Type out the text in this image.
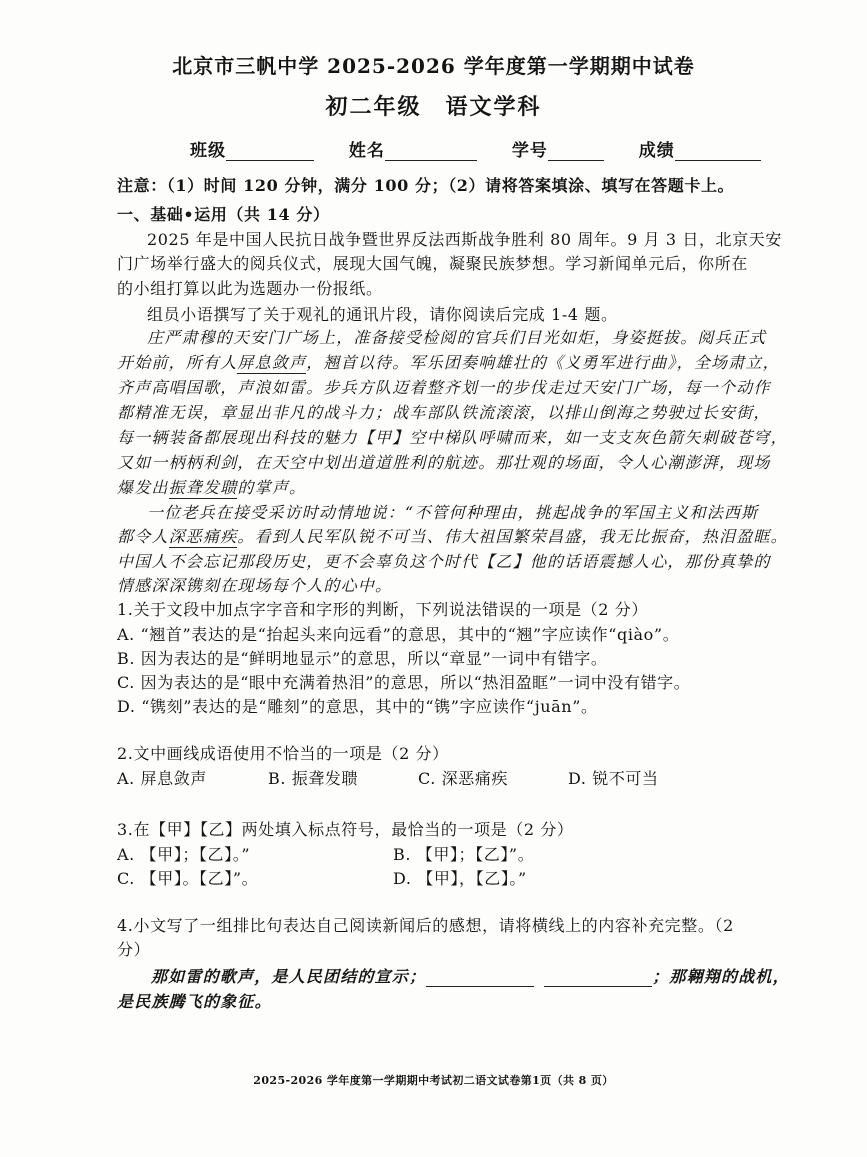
北京市三帆中学 2025-2026 学年度第一学期期中试卷
初二年级　语文学科
班级	姓名	学号	成绩
注意：（1）时间 120 分钟，满分 100 分；（2）请将答案填涂、填写在答题卡上。
一、基础•运用（共 14 分）
2025 年是中国人民抗日战争暨世界反法西斯战争胜利 80 周年。9 月 3 日，北京天安
门广场举行盛大的阅兵仪式，展现大国气魄，凝聚民族梦想。学习新闻单元后，你所在
的小组打算以此为选题办一份报纸。
组员小语撰写了关于观礼的通讯片段，请你阅读后完成 1-4 题。
庄严肃穆的天安门广场上，准备接受检阅的官兵们目光如炬，身姿挺拔。阅兵正式
开始前，所有人屏息敛声，翘首以待。军乐团奏响雄壮的《义勇军进行曲》，全场肃立，
齐声高唱国歌，声浪如雷。步兵方队迈着整齐划一的步伐走过天安门广场，每一个动作
都精准无误，章显出非凡的战斗力；战车部队铁流滚滚，以排山倒海之势驶过长安街，
每一辆装备都展现出科技的魅力【甲】空中梯队呼啸而来，如一支支灰色箭矢刺破苍穹，
又如一柄柄利剑，在天空中划出道道胜利的航迹。那壮观的场面，令人心潮澎湃，现场
爆发出振聋发聩的掌声。
一位老兵在接受采访时动情地说：“不管何种理由，挑起战争的军国主义和法西斯
都令人深恶痛疾。看到人民军队锐不可当、伟大祖国繁荣昌盛，我无比振奋，热泪盈眶。
中国人不会忘记那段历史，更不会辜负这个时代【乙】他的话语震撼人心，那份真挚的
情感深深镌刻在现场每个人的心中。
1.关于文段中加点字字音和字形的判断，下列说法错误的一项是（2 分）
A. “翘首”表达的是“抬起头来向远看”的意思，其中的“翘”字应读作“qiào”。
B. 因为表达的是“鲜明地显示”的意思，所以“章显”一词中有错字。
C. 因为表达的是“眼中充满着热泪”的意思，所以“热泪盈眶”一词中没有错字。
D. “镌刻”表达的是“雕刻”的意思，其中的“镌”字应读作“juān”。
2.文中画线成语使用不恰当的一项是（2 分）
A. 屏息敛声	B. 振聋发聩	C. 深恶痛疾	D. 锐不可当
3.在【甲】【乙】两处填入标点符号，最恰当的一项是（2 分）
A. 【甲】；【乙】。”	B. 【甲】；【乙】”。
C. 【甲】。【乙】”。	D. 【甲】，【乙】。”
4.小文写了一组排比句表达自己阅读新闻后的感想，请将横线上的内容补充完整。（2
分）
那如雷的歌声，是人民团结的宣示；	；那翱翔的战机，
是民族腾飞的象征。
2025-2026 学年度第一学期期中考试初二语文试卷第1页（共 8 页）
